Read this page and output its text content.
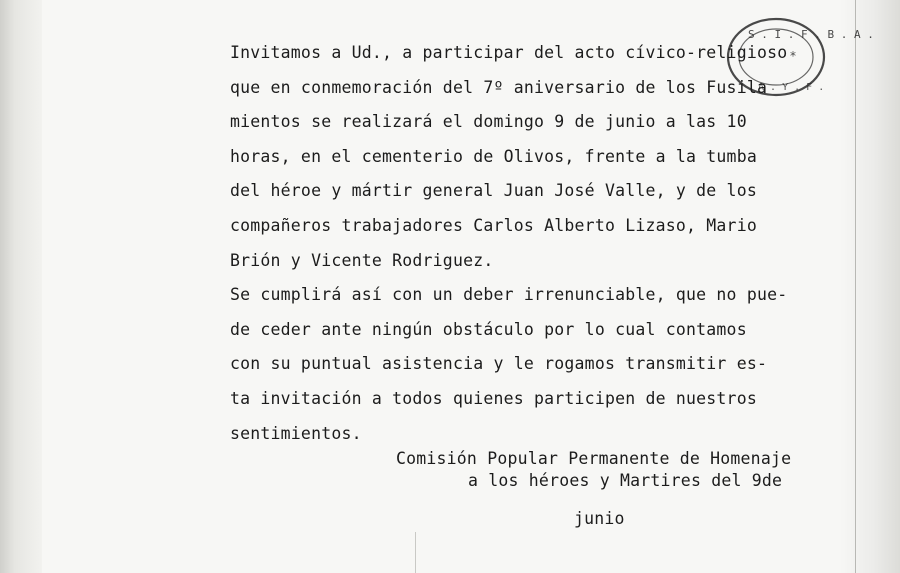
S . I . F . B . A .
*
A . Y . F .
Invitamos a Ud., a participar del acto cívico-religioso
que en conmemoración del 7º aniversario de los Fusila
mientos se realizará el domingo 9 de junio a las 10
horas, en el cementerio de Olivos, frente a la tumba
del héroe y mártir general Juan José Valle, y de los
compañeros trabajadores Carlos Alberto Lizaso, Mario
Brión y Vicente Rodriguez.
Se cumplirá así con un deber irrenunciable, que no pue-
de ceder ante ningún obstáculo por lo cual contamos
con su puntual asistencia y le rogamos transmitir es-
ta invitación a todos quienes participen de nuestros
sentimientos.
Comisión Popular Permanente de Homenaje
a los héroes y Martires del 9de
junio
